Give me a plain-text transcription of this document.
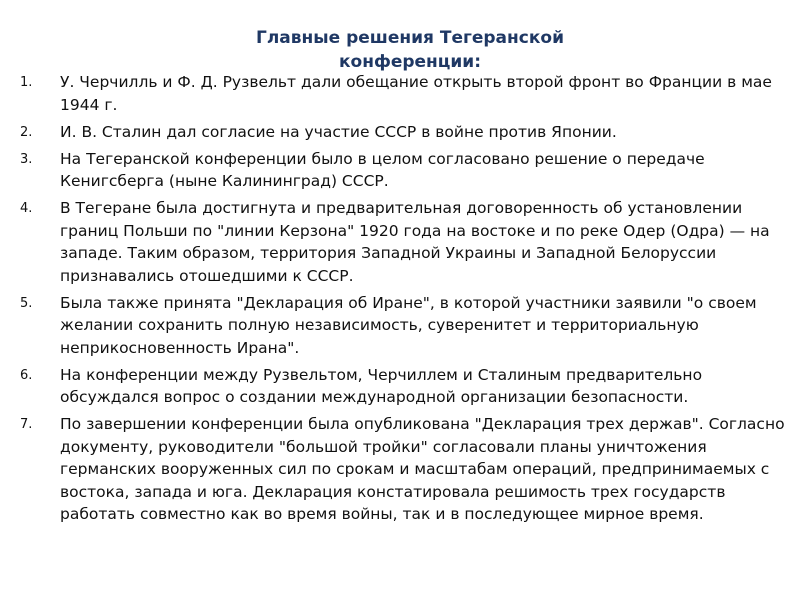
Главные решения Тегеранской конференции:
1. У. Черчилль и Ф. Д. Рузвельт дали обещание открыть второй фронт во Франции в мае 1944 г.
2. И. В. Сталин дал согласие на участие СССР в войне против Японии.
3. На Тегеранской конференции было в целом согласовано решение о передаче Кенигсберга (ныне Калининград) СССР.
4. В Тегеране была достигнута и предварительная договоренность об установлении границ Польши по "линии Керзона" 1920 года на востоке и по реке Одер (Одра) — на западе. Таким образом, территория Западной Украины и Западной Белоруссии признавались отошедшими к СССР.
5. Была также принята "Декларация об Иране", в которой участники заявили "о своем желании сохранить полную независимость, суверенитет и территориальную неприкосновенность Ирана".
6. На конференции между Рузвельтом, Черчиллем и Сталиным предварительно обсуждался вопрос о создании международной организации безопасности.
7. По завершении конференции была опубликована "Декларация трех держав". Согласно документу, руководители "большой тройки" согласовали планы уничтожения германских вооруженных сил по срокам и масштабам операций, предпринимаемых с востока, запада и юга. Декларация констатировала решимость трех государств работать совместно как во время войны, так и в последующее мирное время.
